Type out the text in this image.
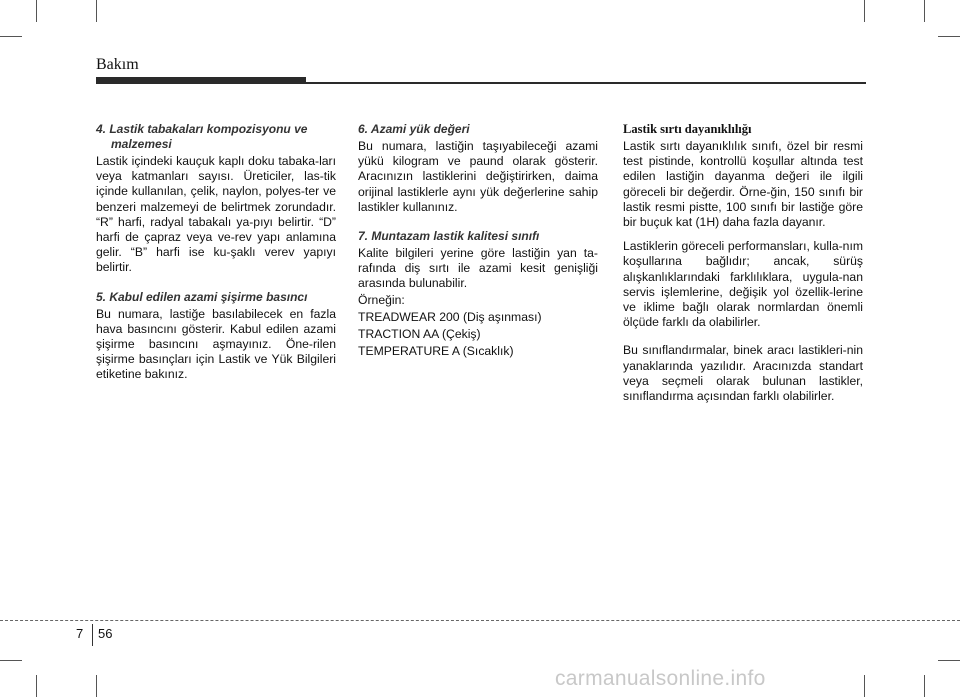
Bakım
4. Lastik tabakaları kompozisyonu ve malzemesi

Lastik içindeki kauçuk kaplı doku tabaka-ları veya katmanları sayısı. Üreticiler, las-tik içinde kullanılan, çelik, naylon, polyes-ter ve benzeri malzemeyi de belirtmek zorundadır. “R” harfi, radyal tabakalı ya-pıyı belirtir. “D” harfi de çapraz veya ve-rev yapı anlamına gelir. “B” harfi ise ku-şaklı verev yapıyı belirtir.

5. Kabul edilen azami şişirme basıncı

Bu numara, lastiğe basılabilecek en fazla hava basıncını gösterir. Kabul edilen azami şişirme basıncını aşmayınız. Öne-rilen şişirme basınçları için Lastik ve Yük Bilgileri etiketine bakınız.

6. Azami yük değeri

Bu numara, lastiğin taşıyabileceği azami yükü kilogram ve paund olarak gösterir. Aracınızın lastiklerini değiştirirken, daima orijinal lastiklerle aynı yük değerlerine sahip lastikler kullanınız.

7. Muntazam lastik kalitesi sınıfı

Kalite bilgileri yerine göre lastiğin yan ta-rafında diş sırtı ile azami kesit genişliği arasında bulunabilir.

Örneğin:
TREADWEAR 200 (Diş aşınması)
TRACTION AA (Çekiş)
TEMPERATURE A (Sıcaklık)
Lastik sırtı dayanıklılığı

Lastik sırtı dayanıklılık sınıfı, özel bir resmi test pistinde, kontrollü koşullar altında test edilen lastiğin dayanma değeri ile ilgili göreceli bir değerdir. Örne-ğin, 150 sınıfı bir lastik resmi pistte, 100 sınıfı bir lastiğe göre bir buçuk kat (1H) daha fazla dayanır.

Lastiklerin göreceli performansları, kulla-nım koşullarına bağlıdır; ancak, sürüş alışkanlıklarındaki farklılıklara, uygula-nan servis işlemlerine, değişik yol özellik-lerine ve iklime bağlı olarak normlardan önemli ölçüde farklı da olabilirler.

Bu sınıflandırmalar, binek aracı lastikleri-nin yanaklarında yazılıdır. Aracınızda standart veya seçmeli olarak bulunan lastikler, sınıflandırma açısından farklı olabilirler.

7 56
carmanualsonline.info
